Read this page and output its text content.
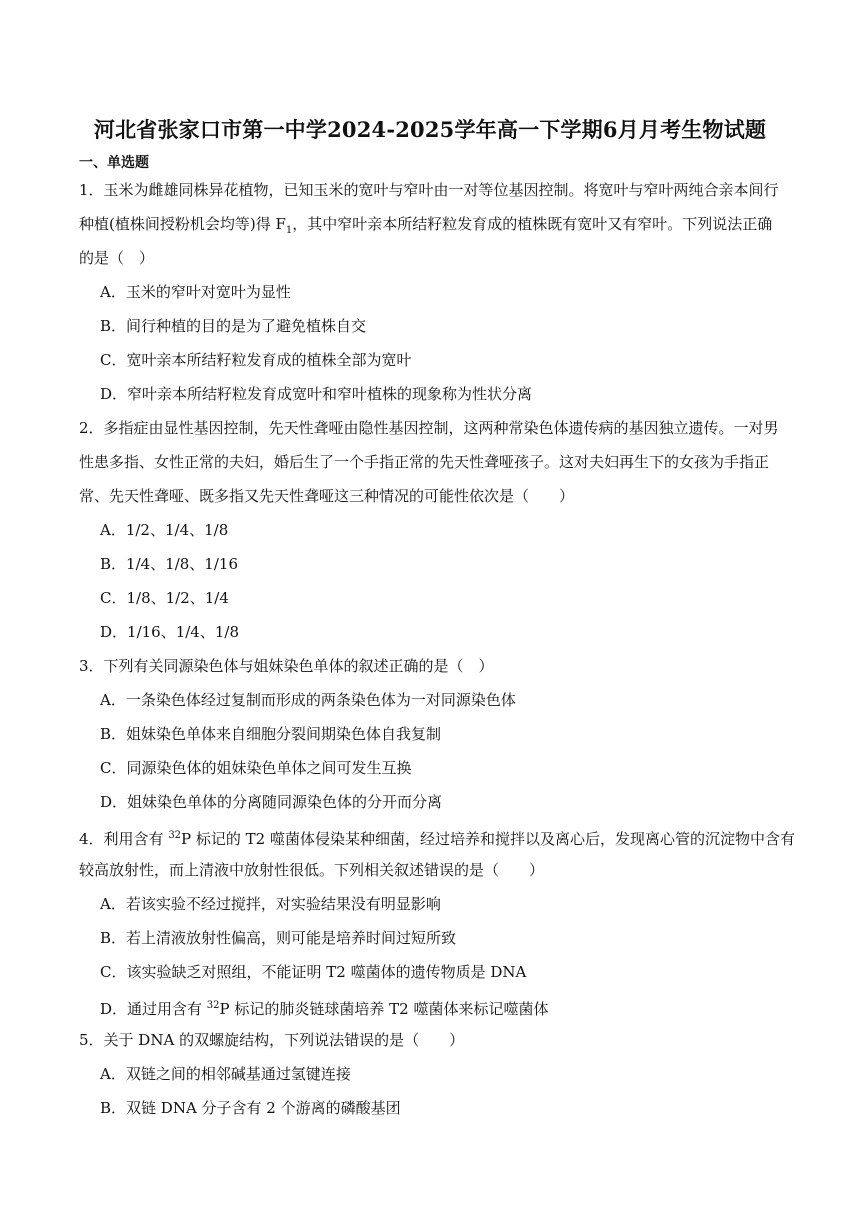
河北省张家口市第一中学2024-2025学年高一下学期6月月考生物试题
一、单选题
1．玉米为雌雄同株异花植物，已知玉米的宽叶与窄叶由一对等位基因控制。将宽叶与窄叶两纯合亲本间行
种植(植株间授粉机会均等)得 $F_1$，其中窄叶亲本所结籽粒发育成的植株既有宽叶又有窄叶。下列说法正确
的是（　）
A．玉米的窄叶对宽叶为显性
B．间行种植的目的是为了避免植株自交
C．宽叶亲本所结籽粒发育成的植株全部为宽叶
D．窄叶亲本所结籽粒发育成宽叶和窄叶植株的现象称为性状分离
2．多指症由显性基因控制，先天性聋哑由隐性基因控制，这两种常染色体遗传病的基因独立遗传。一对男
性患多指、女性正常的夫妇，婚后生了一个手指正常的先天性聋哑孩子。这对夫妇再生下的女孩为手指正
常、先天性聋哑、既多指又先天性聋哑这三种情况的可能性依次是（　　）
A．1/2、1/4、1/8
B．1/4、1/8、1/16
C．1/8、1/2、1/4
D．1/16、1/4、1/8
3．下列有关同源染色体与姐妹染色单体的叙述正确的是（　）
A．一条染色体经过复制而形成的两条染色体为一对同源染色体
B．姐妹染色单体来自细胞分裂间期染色体自我复制
C．同源染色体的姐妹染色单体之间可发生互换
D．姐妹染色单体的分离随同源染色体的分开而分离
4．利用含有 $^{32}$P 标记的 T2 噬菌体侵染某种细菌，经过培养和搅拌以及离心后，发现离心管的沉淀物中含有
较高放射性，而上清液中放射性很低。下列相关叙述错误的是（　　）
A．若该实验不经过搅拌，对实验结果没有明显影响
B．若上清液放射性偏高，则可能是培养时间过短所致
C．该实验缺乏对照组，不能证明 T2 噬菌体的遗传物质是 DNA
D．通过用含有 $^{32}$P 标记的肺炎链球菌培养 T2 噬菌体来标记噬菌体
5．关于 DNA 的双螺旋结构，下列说法错误的是（　　）
A．双链之间的相邻碱基通过氢键连接
B．双链 DNA 分子含有 2 个游离的磷酸基团
